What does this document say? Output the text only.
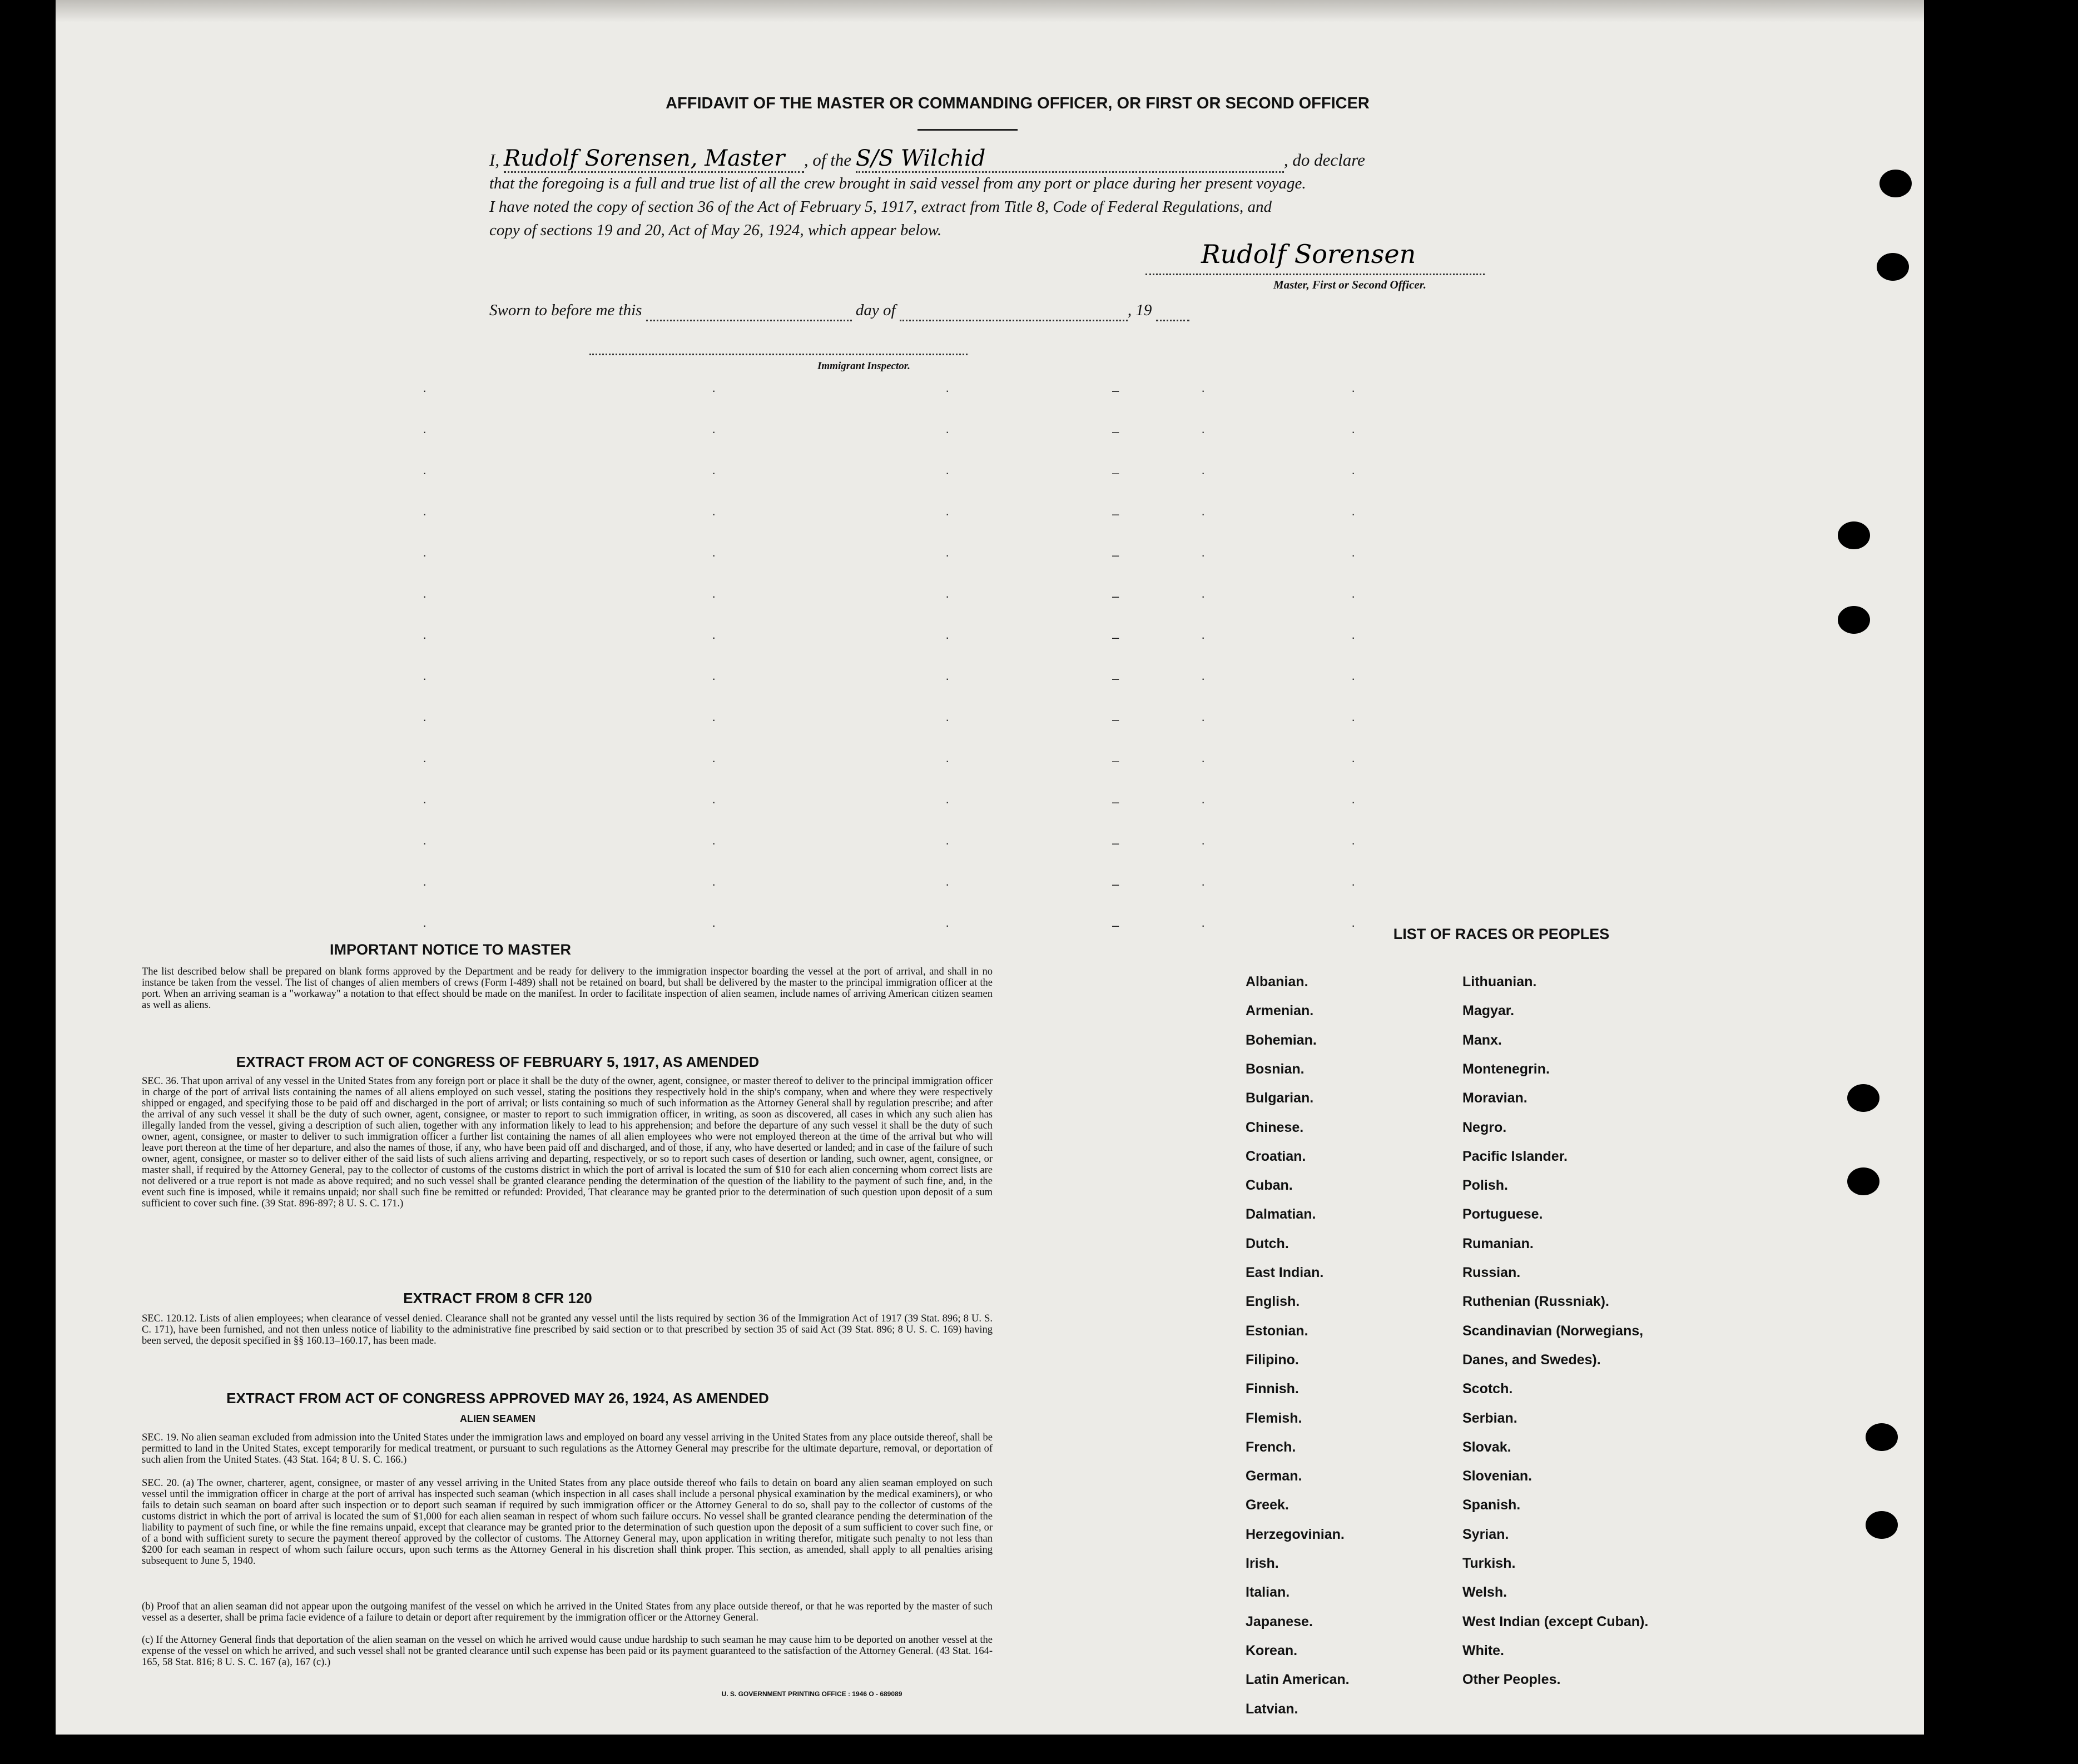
AFFIDAVIT OF THE MASTER OR COMMANDING OFFICER, OR FIRST OR SECOND OFFICER
I, Rudolf Sorensen, Master , of the S/S Wilchid	, do declare
that the foregoing is a full and true list of all the crew brought in said vessel from any port or place during her present voyage.
I have noted the copy of section 36 of the Act of February 5, 1917, extract from Title 8, Code of Federal Regulations, and
copy of sections 19 and 20, Act of May 26, 1924, which appear below.
Rudolf Sorensen
Master, First or Second Officer.
Sworn to before me this	day of	, 19
Immigrant Inspector.
·	·	·	–	·	·
·	·	·	–	·	·
·	·	·	–	·	·
·	·	·	–	·	·
·	·	·	–	·	·
·	·	·	–	·	·
·	·	·	–	·	·
·	·	·	–	·	·
·	·	·	–	·	·
·	·	·	–	·	·
·	·	·	–	·	·
·	·	·	–	·	·
·	·	·	–	·	·
·	·	·	–	·	·
IMPORTANT NOTICE TO MASTER
The list described below shall be prepared on blank forms approved by the Department and be ready for delivery to the immigration inspector boarding the vessel at the port of arrival, and shall in no instance be taken from the vessel. The list of changes of alien members of crews (Form I-489) shall not be retained on board, but shall be delivered by the master to the principal immigration officer at the port. When an arriving seaman is a "workaway" a notation to that effect should be made on the manifest. In order to facilitate inspection of alien seamen, include names of arriving American citizen seamen as well as aliens.
EXTRACT FROM ACT OF CONGRESS OF FEBRUARY 5, 1917, AS AMENDED
SEC. 36. That upon arrival of any vessel in the United States from any foreign port or place it shall be the duty of the owner, agent, consignee, or master thereof to deliver to the principal immigration officer in charge of the port of arrival lists containing the names of all aliens employed on such vessel, stating the positions they respectively hold in the ship's company, when and where they were respectively shipped or engaged, and specifying those to be paid off and discharged in the port of arrival; or lists containing so much of such information as the Attorney General shall by regulation prescribe; and after the arrival of any such vessel it shall be the duty of such owner, agent, consignee, or master to report to such immigration officer, in writing, as soon as discovered, all cases in which any such alien has illegally landed from the vessel, giving a description of such alien, together with any information likely to lead to his apprehension; and before the departure of any such vessel it shall be the duty of such owner, agent, consignee, or master to deliver to such immigration officer a further list containing the names of all alien employees who were not employed thereon at the time of the arrival but who will leave port thereon at the time of her departure, and also the names of those, if any, who have been paid off and discharged, and of those, if any, who have deserted or landed; and in case of the failure of such owner, agent, consignee, or master so to deliver either of the said lists of such aliens arriving and departing, respectively, or so to report such cases of desertion or landing, such owner, agent, consignee, or master shall, if required by the Attorney General, pay to the collector of customs of the customs district in which the port of arrival is located the sum of $10 for each alien concerning whom correct lists are not delivered or a true report is not made as above required; and no such vessel shall be granted clearance pending the determination of the question of the liability to the payment of such fine, and, in the event such fine is imposed, while it remains unpaid; nor shall such fine be remitted or refunded: Provided, That clearance may be granted prior to the determination of such question upon deposit of a sum sufficient to cover such fine. (39 Stat. 896-897; 8 U. S. C. 171.)
EXTRACT FROM 8 CFR 120
SEC. 120.12. Lists of alien employees; when clearance of vessel denied. Clearance shall not be granted any vessel until the lists required by section 36 of the Immigration Act of 1917 (39 Stat. 896; 8 U. S. C. 171), have been furnished, and not then unless notice of liability to the administrative fine prescribed by said section or to that prescribed by section 35 of said Act (39 Stat. 896; 8 U. S. C. 169) having been served, the deposit specified in §§ 160.13–160.17, has been made.
EXTRACT FROM ACT OF CONGRESS APPROVED MAY 26, 1924, AS AMENDED
ALIEN SEAMEN
SEC. 19. No alien seaman excluded from admission into the United States under the immigration laws and employed on board any vessel arriving in the United States from any place outside thereof, shall be permitted to land in the United States, except temporarily for medical treatment, or pursuant to such regulations as the Attorney General may prescribe for the ultimate departure, removal, or deportation of such alien from the United States. (43 Stat. 164; 8 U. S. C. 166.)
SEC. 20. (a) The owner, charterer, agent, consignee, or master of any vessel arriving in the United States from any place outside thereof who fails to detain on board any alien seaman employed on such vessel until the immigration officer in charge at the port of arrival has inspected such seaman (which inspection in all cases shall include a personal physical examination by the medical examiners), or who fails to detain such seaman on board after such inspection or to deport such seaman if required by such immigration officer or the Attorney General to do so, shall pay to the collector of customs of the customs district in which the port of arrival is located the sum of $1,000 for each alien seaman in respect of whom such failure occurs. No vessel shall be granted clearance pending the determination of the liability to payment of such fine, or while the fine remains unpaid, except that clearance may be granted prior to the determination of such question upon the deposit of a sum sufficient to cover such fine, or of a bond with sufficient surety to secure the payment thereof approved by the collector of customs. The Attorney General may, upon application in writing therefor, mitigate such penalty to not less than $200 for each seaman in respect of whom such failure occurs, upon such terms as the Attorney General in his discretion shall think proper. This section, as amended, shall apply to all penalties arising subsequent to June 5, 1940.
(b) Proof that an alien seaman did not appear upon the outgoing manifest of the vessel on which he arrived in the United States from any place outside thereof, or that he was reported by the master of such vessel as a deserter, shall be prima facie evidence of a failure to detain or deport after requirement by the immigration officer or the Attorney General.
(c) If the Attorney General finds that deportation of the alien seaman on the vessel on which he arrived would cause undue hardship to such seaman he may cause him to be deported on another vessel at the expense of the vessel on which he arrived, and such vessel shall not be granted clearance until such expense has been paid or its payment guaranteed to the satisfaction of the Attorney General. (43 Stat. 164-165, 58 Stat. 816; 8 U. S. C. 167 (a), 167 (c).)
U. S. GOVERNMENT PRINTING OFFICE : 1946 O - 689089
LIST OF RACES OR PEOPLES
Albanian.
Armenian.
Bohemian.
Bosnian.
Bulgarian.
Chinese.
Croatian.
Cuban.
Dalmatian.
Dutch.
East Indian.
English.
Estonian.
Filipino.
Finnish.
Flemish.
French.
German.
Greek.
Herzegovinian.
Irish.
Italian.
Japanese.
Korean.
Latin American.
Latvian.
Lithuanian.
Magyar.
Manx.
Montenegrin.
Moravian.
Negro.
Pacific Islander.
Polish.
Portuguese.
Rumanian.
Russian.
Ruthenian (Russniak).
Scandinavian (Norwegians,
Danes, and Swedes).
Scotch.
Serbian.
Slovak.
Slovenian.
Spanish.
Syrian.
Turkish.
Welsh.
West Indian (except Cuban).
White.
Other Peoples.
